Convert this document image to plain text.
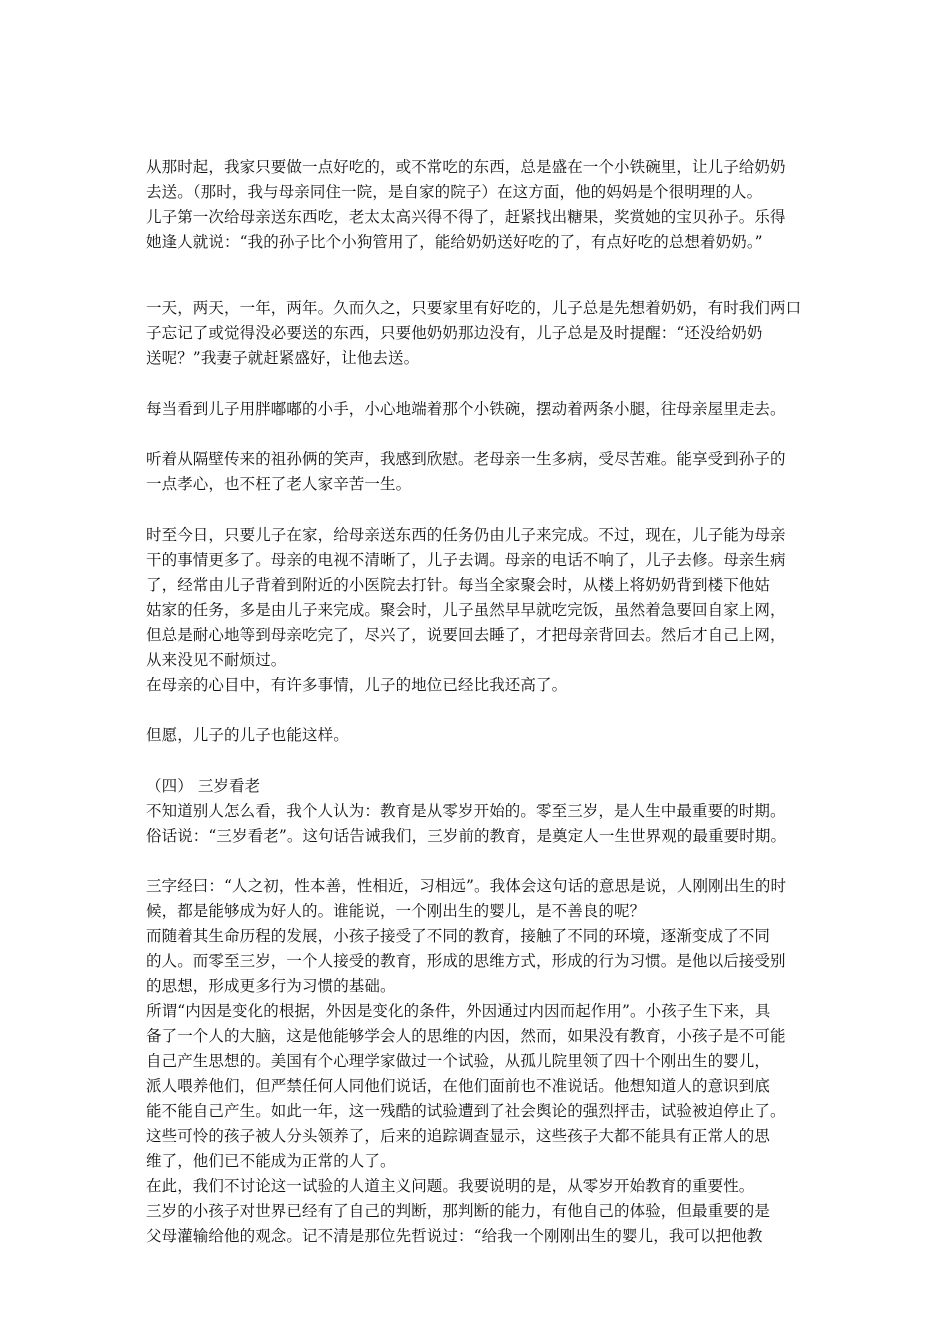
从那时起，我家只要做一点好吃的，或不常吃的东西，总是盛在一个小铁碗里，让儿子给奶奶
去送。（那时，我与母亲同住一院，是自家的院子）在这方面，他的妈妈是个很明理的人。
儿子第一次给母亲送东西吃，老太太高兴得不得了，赶紧找出糖果，奖赏她的宝贝孙子。乐得
她逢人就说：“我的孙子比个小狗管用了，能给奶奶送好吃的了，有点好吃的总想着奶奶。”
一天，两天，一年，两年。久而久之，只要家里有好吃的，儿子总是先想着奶奶，有时我们两口
子忘记了或觉得没必要送的东西，只要他奶奶那边没有，儿子总是及时提醒：“还没给奶奶
送呢？”我妻子就赶紧盛好，让他去送。
每当看到儿子用胖嘟嘟的小手，小心地端着那个小铁碗，摆动着两条小腿，往母亲屋里走去。
听着从隔壁传来的祖孙俩的笑声，我感到欣慰。老母亲一生多病，受尽苦难。能享受到孙子的
一点孝心，也不枉了老人家辛苦一生。
时至今日，只要儿子在家，给母亲送东西的任务仍由儿子来完成。不过，现在，儿子能为母亲
干的事情更多了。母亲的电视不清晰了，儿子去调。母亲的电话不响了，儿子去修。母亲生病
了，经常由儿子背着到附近的小医院去打针。每当全家聚会时，从楼上将奶奶背到楼下他姑
姑家的任务，多是由儿子来完成。聚会时，儿子虽然早早就吃完饭，虽然着急要回自家上网，
但总是耐心地等到母亲吃完了，尽兴了，说要回去睡了，才把母亲背回去。然后才自己上网，
从来没见不耐烦过。
在母亲的心目中，有许多事情，儿子的地位已经比我还高了。
但愿，儿子的儿子也能这样。
（四） 三岁看老
不知道别人怎么看，我个人认为：教育是从零岁开始的。零至三岁，是人生中最重要的时期。
俗话说：“三岁看老”。这句话告诫我们，三岁前的教育，是奠定人一生世界观的最重要时期。
三字经曰：“人之初，性本善，性相近，习相远”。我体会这句话的意思是说，人刚刚出生的时
候，都是能够成为好人的。谁能说，一个刚出生的婴儿，是不善良的呢？
而随着其生命历程的发展，小孩子接受了不同的教育，接触了不同的环境，逐渐变成了不同
的人。而零至三岁，一个人接受的教育，形成的思维方式，形成的行为习惯。是他以后接受别
的思想，形成更多行为习惯的基础。
所谓“内因是变化的根据，外因是变化的条件，外因通过内因而起作用”。小孩子生下来，具
备了一个人的大脑，这是他能够学会人的思维的内因，然而，如果没有教育，小孩子是不可能
自己产生思想的。美国有个心理学家做过一个试验，从孤儿院里领了四十个刚出生的婴儿，
派人喂养他们，但严禁任何人同他们说话，在他们面前也不准说话。他想知道人的意识到底
能不能自己产生。如此一年，这一残酷的试验遭到了社会舆论的强烈抨击，试验被迫停止了。
这些可怜的孩子被人分头领养了，后来的追踪调查显示，这些孩子大都不能具有正常人的思
维了，他们已不能成为正常的人了。
在此，我们不讨论这一试验的人道主义问题。我要说明的是，从零岁开始教育的重要性。
三岁的小孩子对世界已经有了自己的判断，那判断的能力，有他自己的体验，但最重要的是
父母灌输给他的观念。记不清是那位先哲说过：“给我一个刚刚出生的婴儿，我可以把他教
